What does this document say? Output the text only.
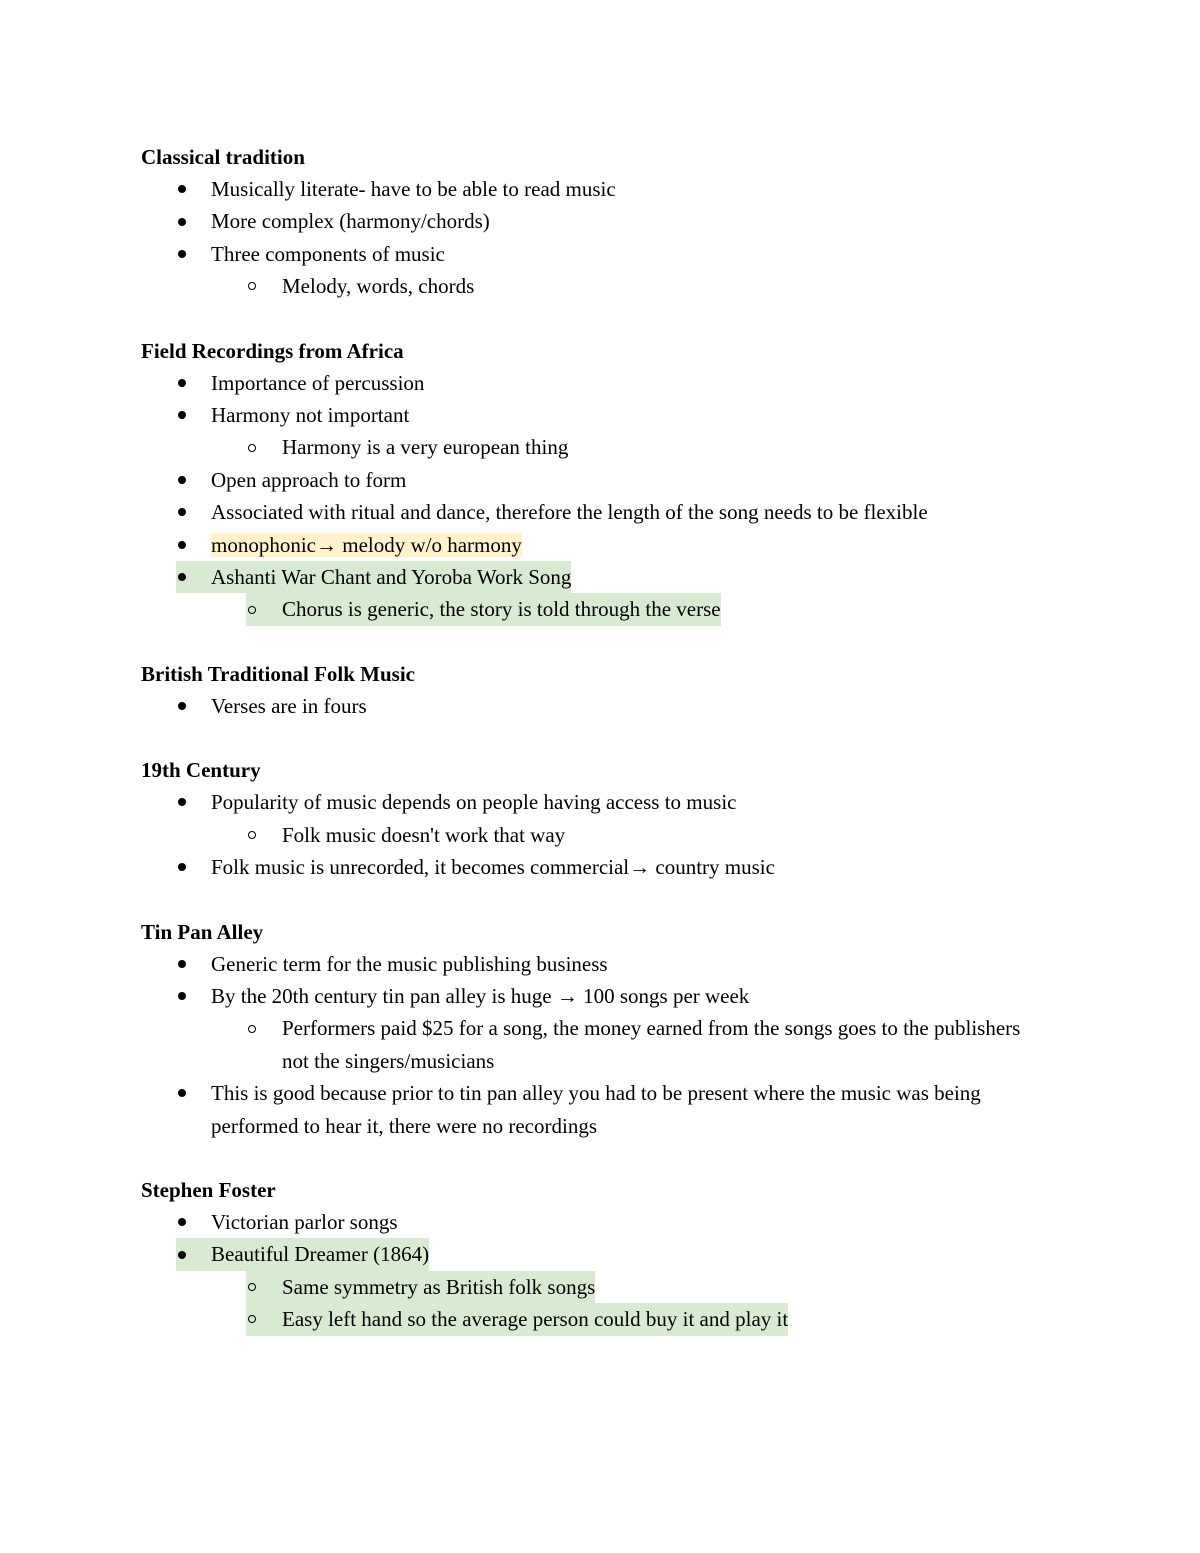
Classical tradition
Musically literate- have to be able to read music
More complex (harmony/chords)
Three components of music
Melody, words, chords
Field Recordings from Africa
Importance of percussion
Harmony not important
Harmony is a very european thing
Open approach to form
Associated with ritual and dance, therefore the length of the song needs to be flexible
monophonic→ melody w/o harmony
Ashanti War Chant and Yoroba Work Song
Chorus is generic, the story is told through the verse
British Traditional Folk Music
Verses are in fours
19th Century
Popularity of music depends on people having access to music
Folk music doesn't work that way
Folk music is unrecorded, it becomes commercial→ country music
Tin Pan Alley
Generic term for the music publishing business
By the 20th century tin pan alley is huge → 100 songs per week
Performers paid $25 for a song, the money earned from the songs goes to the publishers not the singers/musicians
This is good because prior to tin pan alley you had to be present where the music was being performed to hear it, there were no recordings
Stephen Foster
Victorian parlor songs
Beautiful Dreamer (1864)
Same symmetry as British folk songs
Easy left hand so the average person could buy it and play it
